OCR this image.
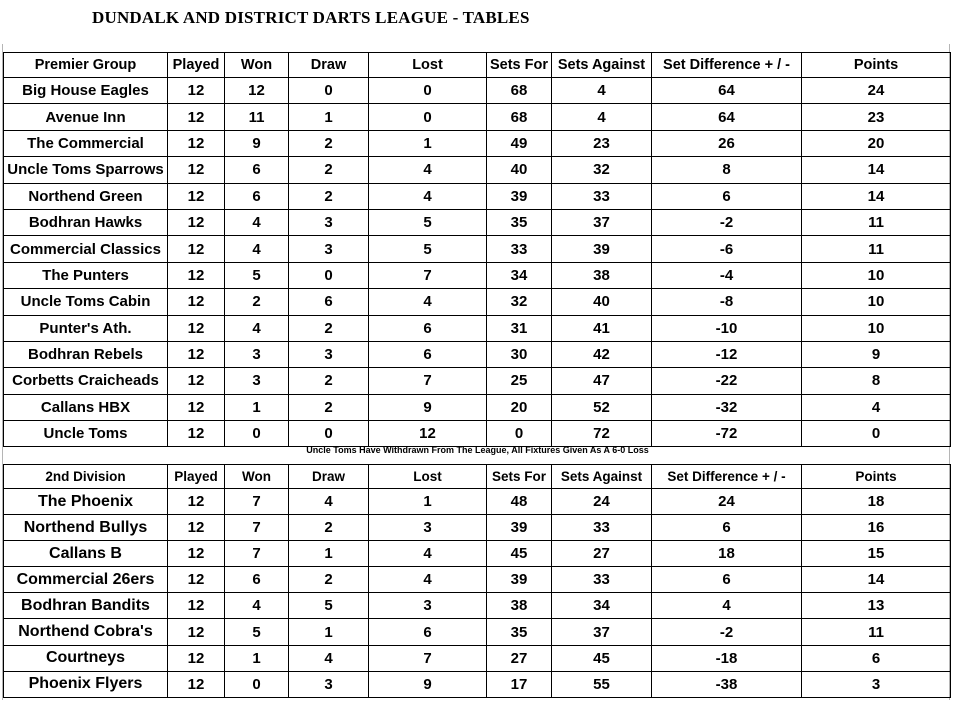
DUNDALK AND DISTRICT DARTS LEAGUE - TABLES
Premier Group	Played	Won	Draw	Lost	Sets For	Sets Against	Set Difference + / -	Points
Big House Eagles	12	12	0	0	68	4	64	24
Avenue Inn	12	11	1	0	68	4	64	23
The Commercial	12	9	2	1	49	23	26	20
Uncle Toms Sparrows	12	6	2	4	40	32	8	14
Northend Green	12	6	2	4	39	33	6	14
Bodhran Hawks	12	4	3	5	35	37	-2	11
Commercial Classics	12	4	3	5	33	39	-6	11
The Punters	12	5	0	7	34	38	-4	10
Uncle Toms Cabin	12	2	6	4	32	40	-8	10
Punter's Ath.	12	4	2	6	31	41	-10	10
Bodhran Rebels	12	3	3	6	30	42	-12	9
Corbetts Craicheads	12	3	2	7	25	47	-22	8
Callans HBX	12	1	2	9	20	52	-32	4
Uncle Toms	12	0	0	12	0	72	-72	0
Uncle Toms Have Withdrawn From The League, All Fixtures Given As A 6-0 Loss
2nd Division	Played	Won	Draw	Lost	Sets For	Sets Against	Set Difference + / -	Points
The Phoenix	12	7	4	1	48	24	24	18
Northend Bullys	12	7	2	3	39	33	6	16
Callans B	12	7	1	4	45	27	18	15
Commercial 26ers	12	6	2	4	39	33	6	14
Bodhran Bandits	12	4	5	3	38	34	4	13
Northend Cobra's	12	5	1	6	35	37	-2	11
Courtneys	12	1	4	7	27	45	-18	6
Phoenix Flyers	12	0	3	9	17	55	-38	3
